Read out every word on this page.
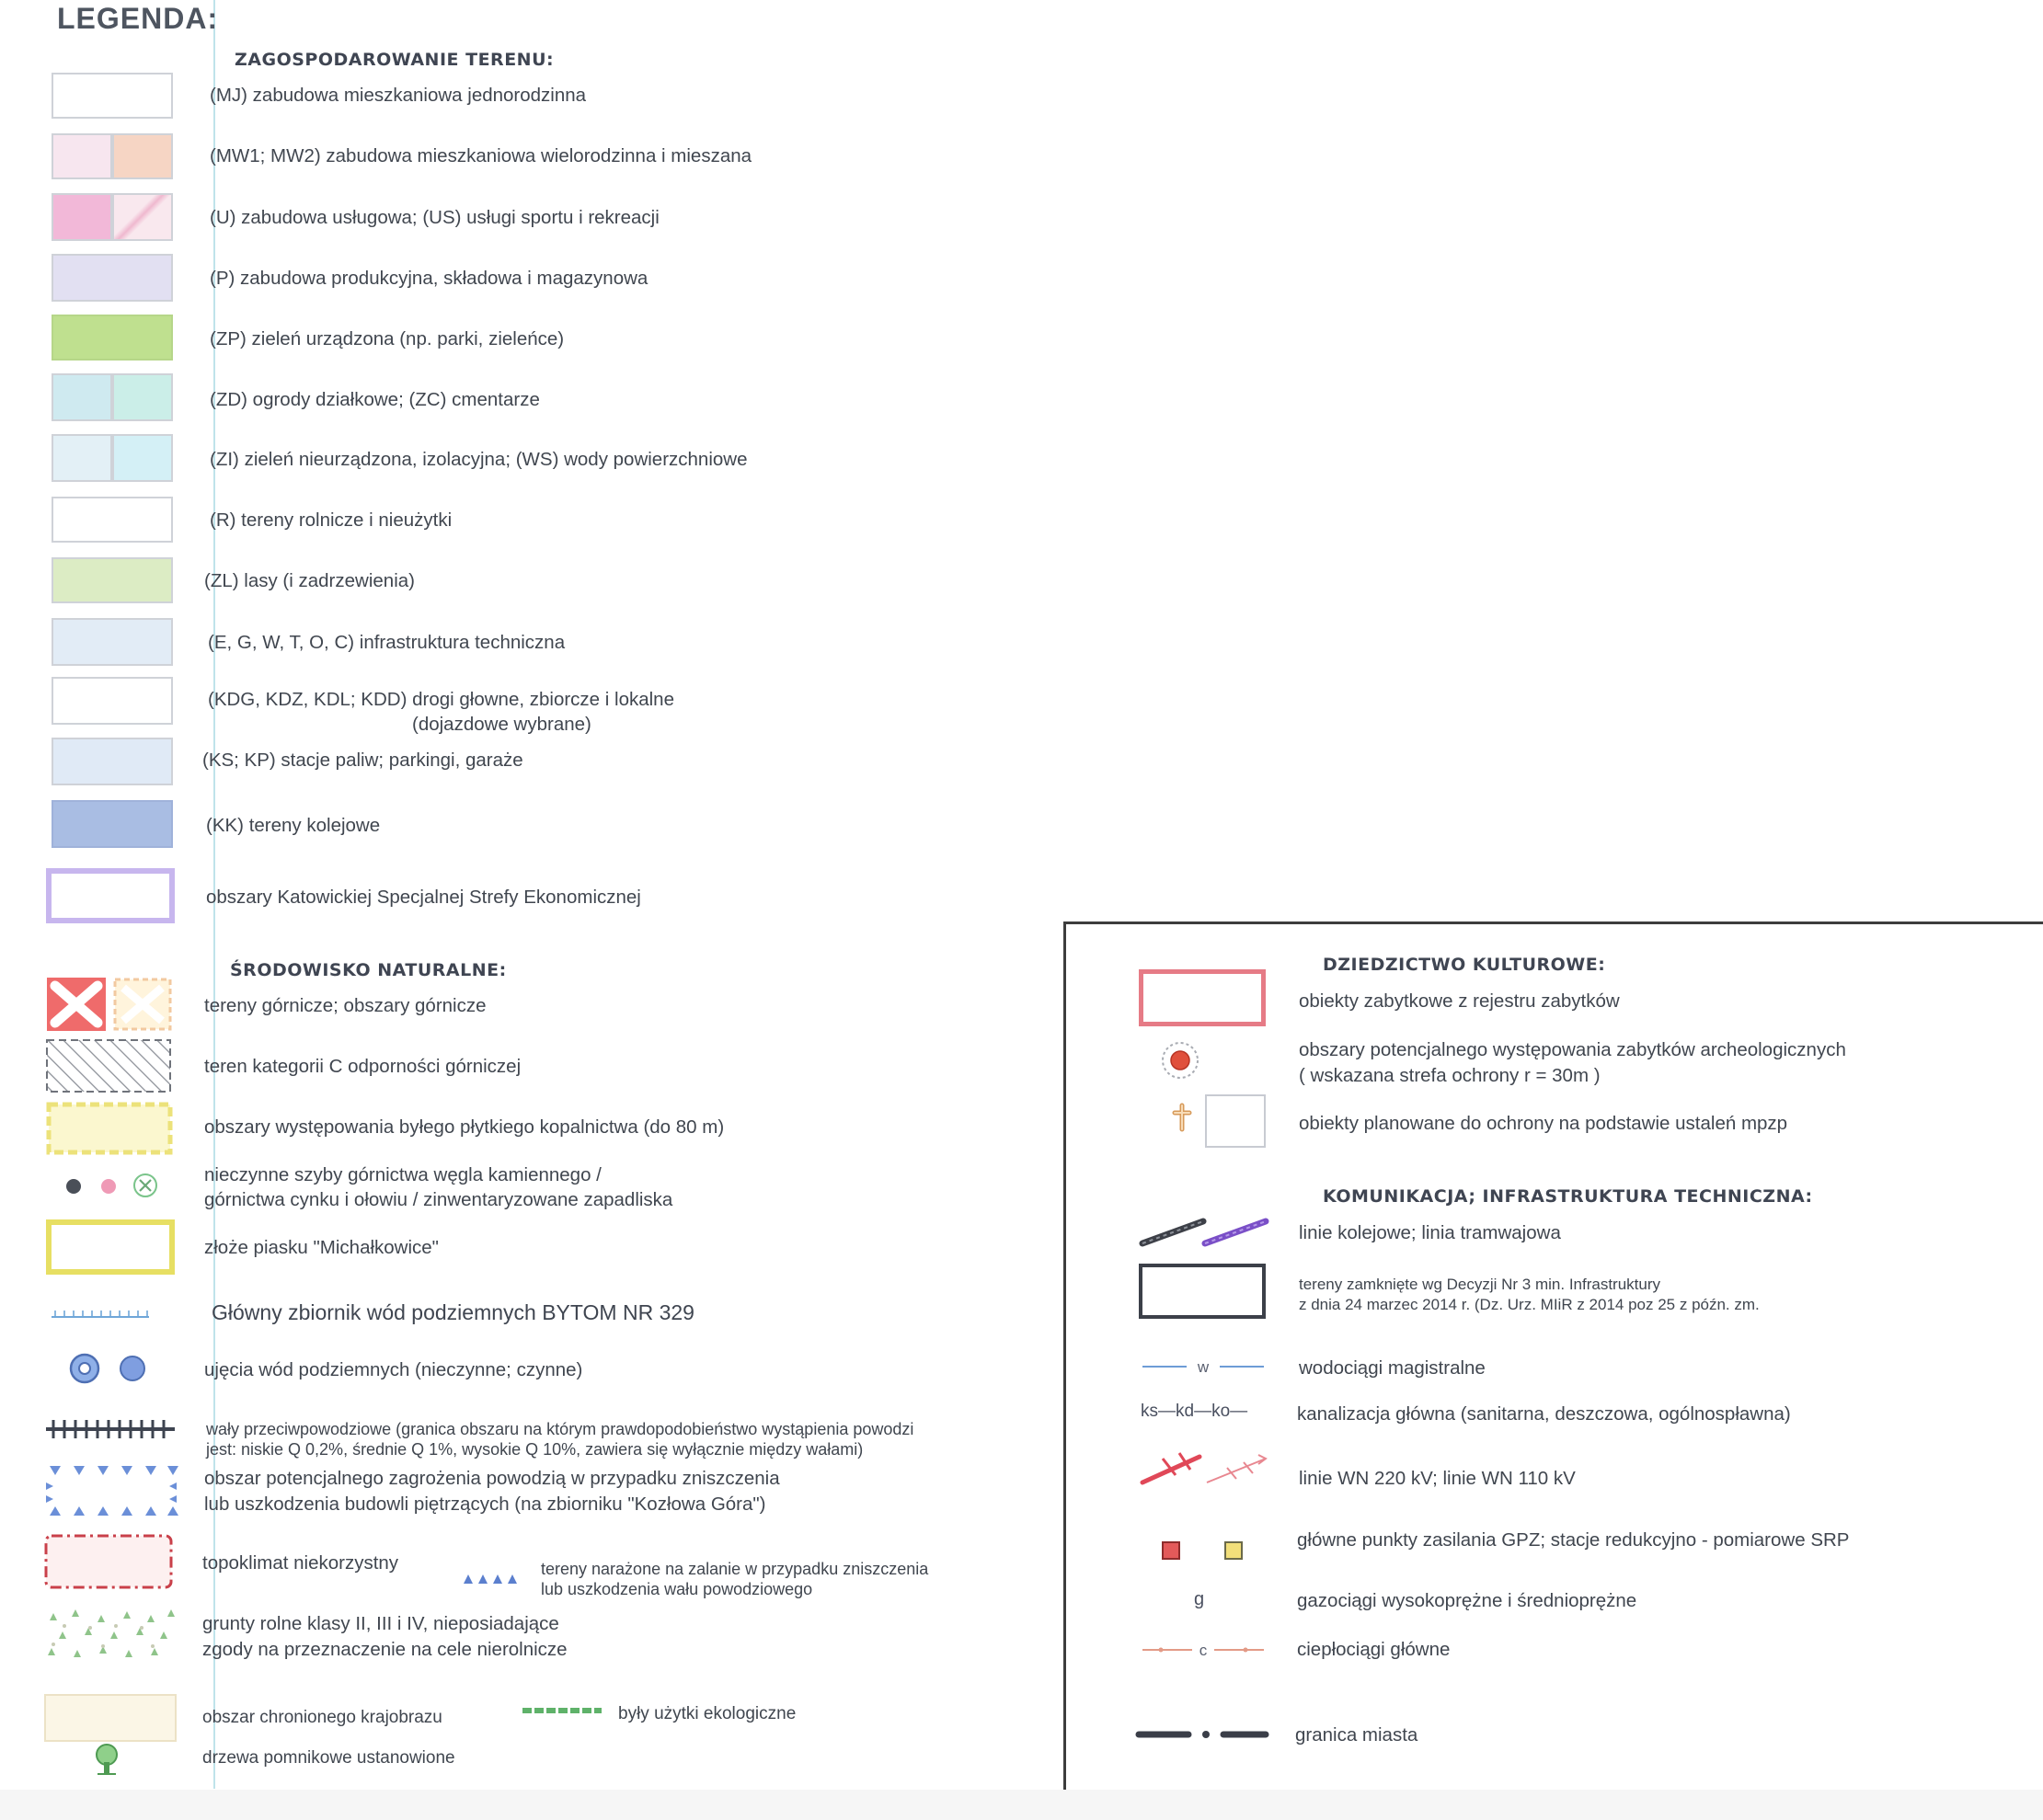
LEGENDA:
ZAGOSPODAROWANIE TERENU:
(MJ) zabudowa mieszkaniowa jednorodzinna
(MW1; MW2) zabudowa mieszkaniowa wielorodzinna i mieszana
(U) zabudowa usługowa; (US) usługi sportu i rekreacji
(P) zabudowa produkcyjna, składowa i magazynowa
(ZP) zieleń urządzona (np. parki, zieleńce)
(ZD) ogrody działkowe; (ZC) cmentarze
(ZI) zieleń nieurządzona, izolacyjna; (WS) wody powierzchniowe
(R) tereny rolnicze i nieużytki
(ZL) lasy (i zadrzewienia)
(E, G, W, T, O, C) infrastruktura techniczna
(KDG, KDZ, KDL; KDD) drogi głowne, zbiorcze i lokalne
(dojazdowe wybrane)
(KS; KP) stacje paliw; parkingi, garaże
(KK) tereny kolejowe
obszary Katowickiej Specjalnej Strefy Ekonomicznej
ŚRODOWISKO NATURALNE:
tereny górnicze; obszary górnicze
teren kategorii C odporności górniczej
obszary występowania byłego płytkiego kopalnictwa (do 80 m)
nieczynne szyby górnictwa węgla kamiennego /
górnictwa cynku i ołowiu / zinwentaryzowane zapadliska
złoże piasku "Michałkowice"
Główny zbiornik wód podziemnych BYTOM NR 329
ujęcia wód podziemnych (nieczynne; czynne)
wały przeciwpowodziowe (granica obszaru na którym prawdopodobieństwo wystąpienia powodzi
jest: niskie Q 0,2%, średnie Q 1%, wysokie Q 10%, zawiera się wyłącznie między wałami)
obszar potencjalnego zagrożenia powodzią w przypadku zniszczenia
lub uszkodzenia budowli piętrzących (na zbiorniku "Kozłowa Góra")
topoklimat niekorzystny	tereny narażone na zalanie w przypadku zniszczenia
lub uszkodzenia wału powodziowego
grunty rolne klasy II, III i IV, nieposiadające
zgody na przeznaczenie na cele nierolnicze
obszar chronionego krajobrazu	były użytki ekologiczne
drzewa pomnikowe ustanowione
DZIEDZICTWO KULTUROWE:
obiekty zabytkowe z rejestru zabytków
obszary potencjalnego występowania zabytków archeologicznych
( wskazana strefa ochrony r = 30m )
obiekty planowane do ochrony na podstawie ustaleń mpzp
KOMUNIKACJA; INFRASTRUKTURA TECHNICZNA:
linie kolejowe; linia tramwajowa
tereny zamknięte wg Decyzji Nr 3 min. Infrastruktury
z dnia 24 marzec 2014 r. (Dz. Urz. MIiR z 2014 poz 25 z późn. zm.
w	wodociągi magistralne
ks—kd—ko—	kanalizacja główna (sanitarna, deszczowa, ogólnospławna)
linie WN 220 kV; linie WN 110 kV
główne punkty zasilania GPZ; stacje redukcyjno - pomiarowe SRP
g	gazociągi wysokoprężne i średnioprężne
c	ciepłociągi główne
granica miasta
